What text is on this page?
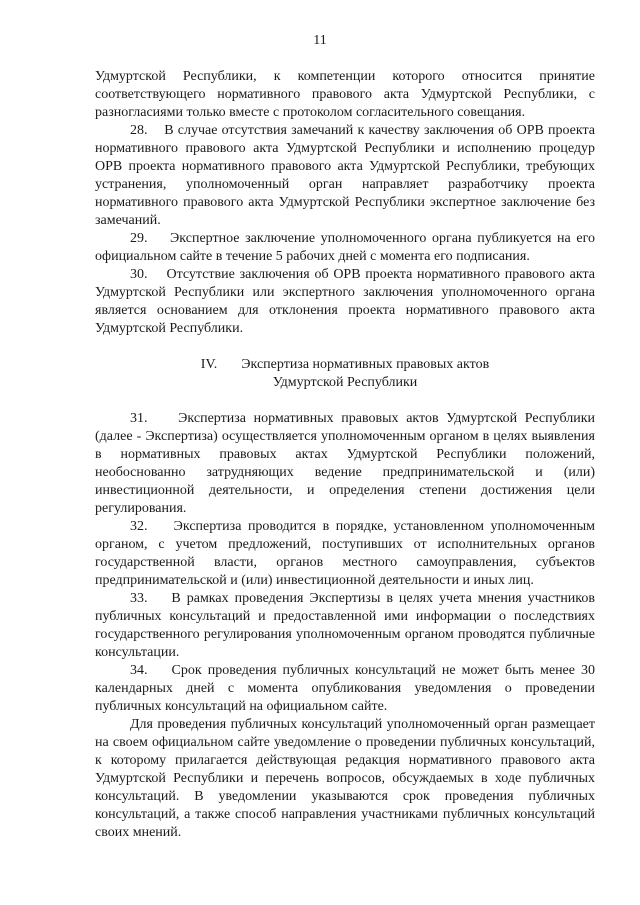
11

Удмуртской Республики, к компетенции которого относится принятие соответствующего нормативного правового акта Удмуртской Республики, с разногласиями только вместе с протоколом согласительного совещания.

28.    В случае отсутствия замечаний к качеству заключения об ОРВ проекта нормативного правового акта Удмуртской Республики и исполнению процедур ОРВ проекта нормативного правового акта Удмуртской Республики, требующих устранения, уполномоченный орган направляет разработчику проекта нормативного правового акта Удмуртской Республики экспертное заключение без замечаний.

29.    Экспертное заключение уполномоченного органа публикуется на его официальном сайте в течение 5 рабочих дней с момента его подписания.

30.    Отсутствие заключения об ОРВ проекта нормативного правового акта Удмуртской Республики или экспертного заключения уполномоченного органа является основанием для отклонения проекта нормативного правового акта Удмуртской Республики.

IV. Экспертиза нормативных правовых актов
Удмуртской Республики

31.    Экспертиза нормативных правовых актов Удмуртской Республики (далее - Экспертиза) осуществляется уполномоченным органом в целях выявления в нормативных правовых актах Удмуртской Республики положений, необоснованно затрудняющих ведение предпринимательской и (или) инвестиционной деятельности, и определения степени достижения цели регулирования.

32.    Экспертиза проводится в порядке, установленном уполномоченным органом, с учетом предложений, поступивших от исполнительных органов государственной власти, органов местного самоуправления, субъектов предпринимательской и (или) инвестиционной деятельности и иных лиц.

33.    В рамках проведения Экспертизы в целях учета мнения участников публичных консультаций и предоставленной ими информации о последствиях государственного регулирования уполномоченным органом проводятся публичные консультации.

34.    Срок проведения публичных консультаций не может быть менее 30 календарных дней с момента опубликования уведомления о проведении публичных консультаций на официальном сайте.

Для проведения публичных консультаций уполномоченный орган размещает на своем официальном сайте уведомление о проведении публичных консультаций, к которому прилагается действующая редакция нормативного правового акта Удмуртской Республики и перечень вопросов, обсуждаемых в ходе публичных консультаций. В уведомлении указываются срок проведения публичных консультаций, а также способ направления участниками публичных консультаций своих мнений.
